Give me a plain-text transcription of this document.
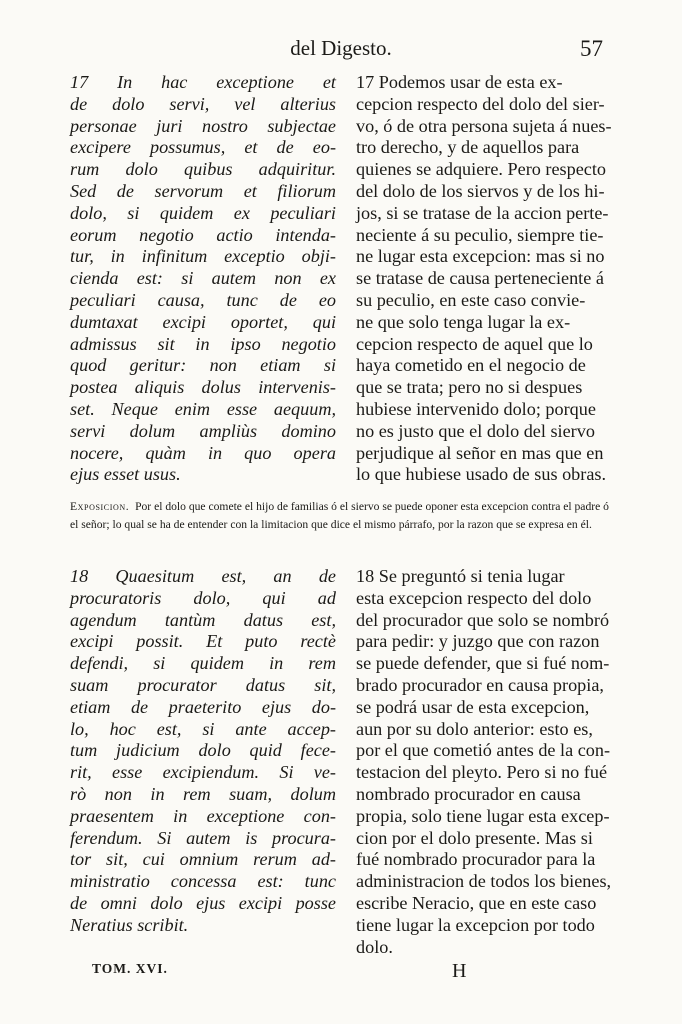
del Digesto.	57

17 In hac exceptione et
de dolo servi, vel alterius
personae juri nostro subjectae
excipere possumus, et de eo-
rum dolo quibus adquiritur.
Sed de servorum et filiorum
dolo, si quidem ex peculiari
eorum negotio actio intenda-
tur, in infinitum exceptio obji-
cienda est: si autem non ex
peculiari causa, tunc de eo
dumtaxat excipi oportet, qui
admissus sit in ipso negotio
quod geritur: non etiam si
postea aliquis dolus intervenis-
set. Neque enim esse aequum,
servi dolum ampliùs domino
nocere, quàm in quo opera
ejus esset usus.

17 Podemos usar de esta ex-
cepcion respecto del dolo del sier-
vo, ó de otra persona sujeta á nues-
tro derecho, y de aquellos para
quienes se adquiere. Pero respecto
del dolo de los siervos y de los hi-
jos, si se tratase de la accion perte-
neciente á su peculio, siempre tie-
ne lugar esta excepcion: mas si no
se tratase de causa perteneciente á
su peculio, en este caso convie-
ne que solo tenga lugar la ex-
cepcion respecto de aquel que lo
haya cometido en el negocio de
que se trata; pero no si despues
hubiese intervenido dolo; porque
no es justo que el dolo del siervo
perjudique al señor en mas que en
lo que hubiese usado de sus obras.

Exposicion. Por el dolo que comete el hijo de familias ó el siervo se puede oponer esta excepcion contra el padre ó el señor; lo qual se ha de entender con la limitacion que dice el mismo párrafo, por la razon que se expresa en él.

18 Quaesitum est, an de
procuratoris dolo, qui ad
agendum tantùm datus est,
excipi possit. Et puto rectè
defendi, si quidem in rem
suam procurator datus sit,
etiam de praeterito ejus do-
lo, hoc est, si ante accep-
tum judicium dolo quid fece-
rit, esse excipiendum. Si ve-
rò non in rem suam, dolum
praesentem in exceptione con-
ferendum. Si autem is procura-
tor sit, cui omnium rerum ad-
ministratio concessa est: tunc
de omni dolo ejus excipi posse
Neratius scribit.

18 Se preguntó si tenia lugar
esta excepcion respecto del dolo
del procurador que solo se nombró
para pedir: y juzgo que con razon
se puede defender, que si fué nom-
brado procurador en causa propia,
se podrá usar de esta excepcion,
aun por su dolo anterior: esto es,
por el que cometió antes de la con-
testacion del pleyto. Pero si no fué
nombrado procurador en causa
propia, solo tiene lugar esta excep-
cion por el dolo presente. Mas si
fué nombrado procurador para la
administracion de todos los bienes,
escribe Neracio, que en este caso
tiene lugar la excepcion por todo
dolo.

TOM. XVI.	H
